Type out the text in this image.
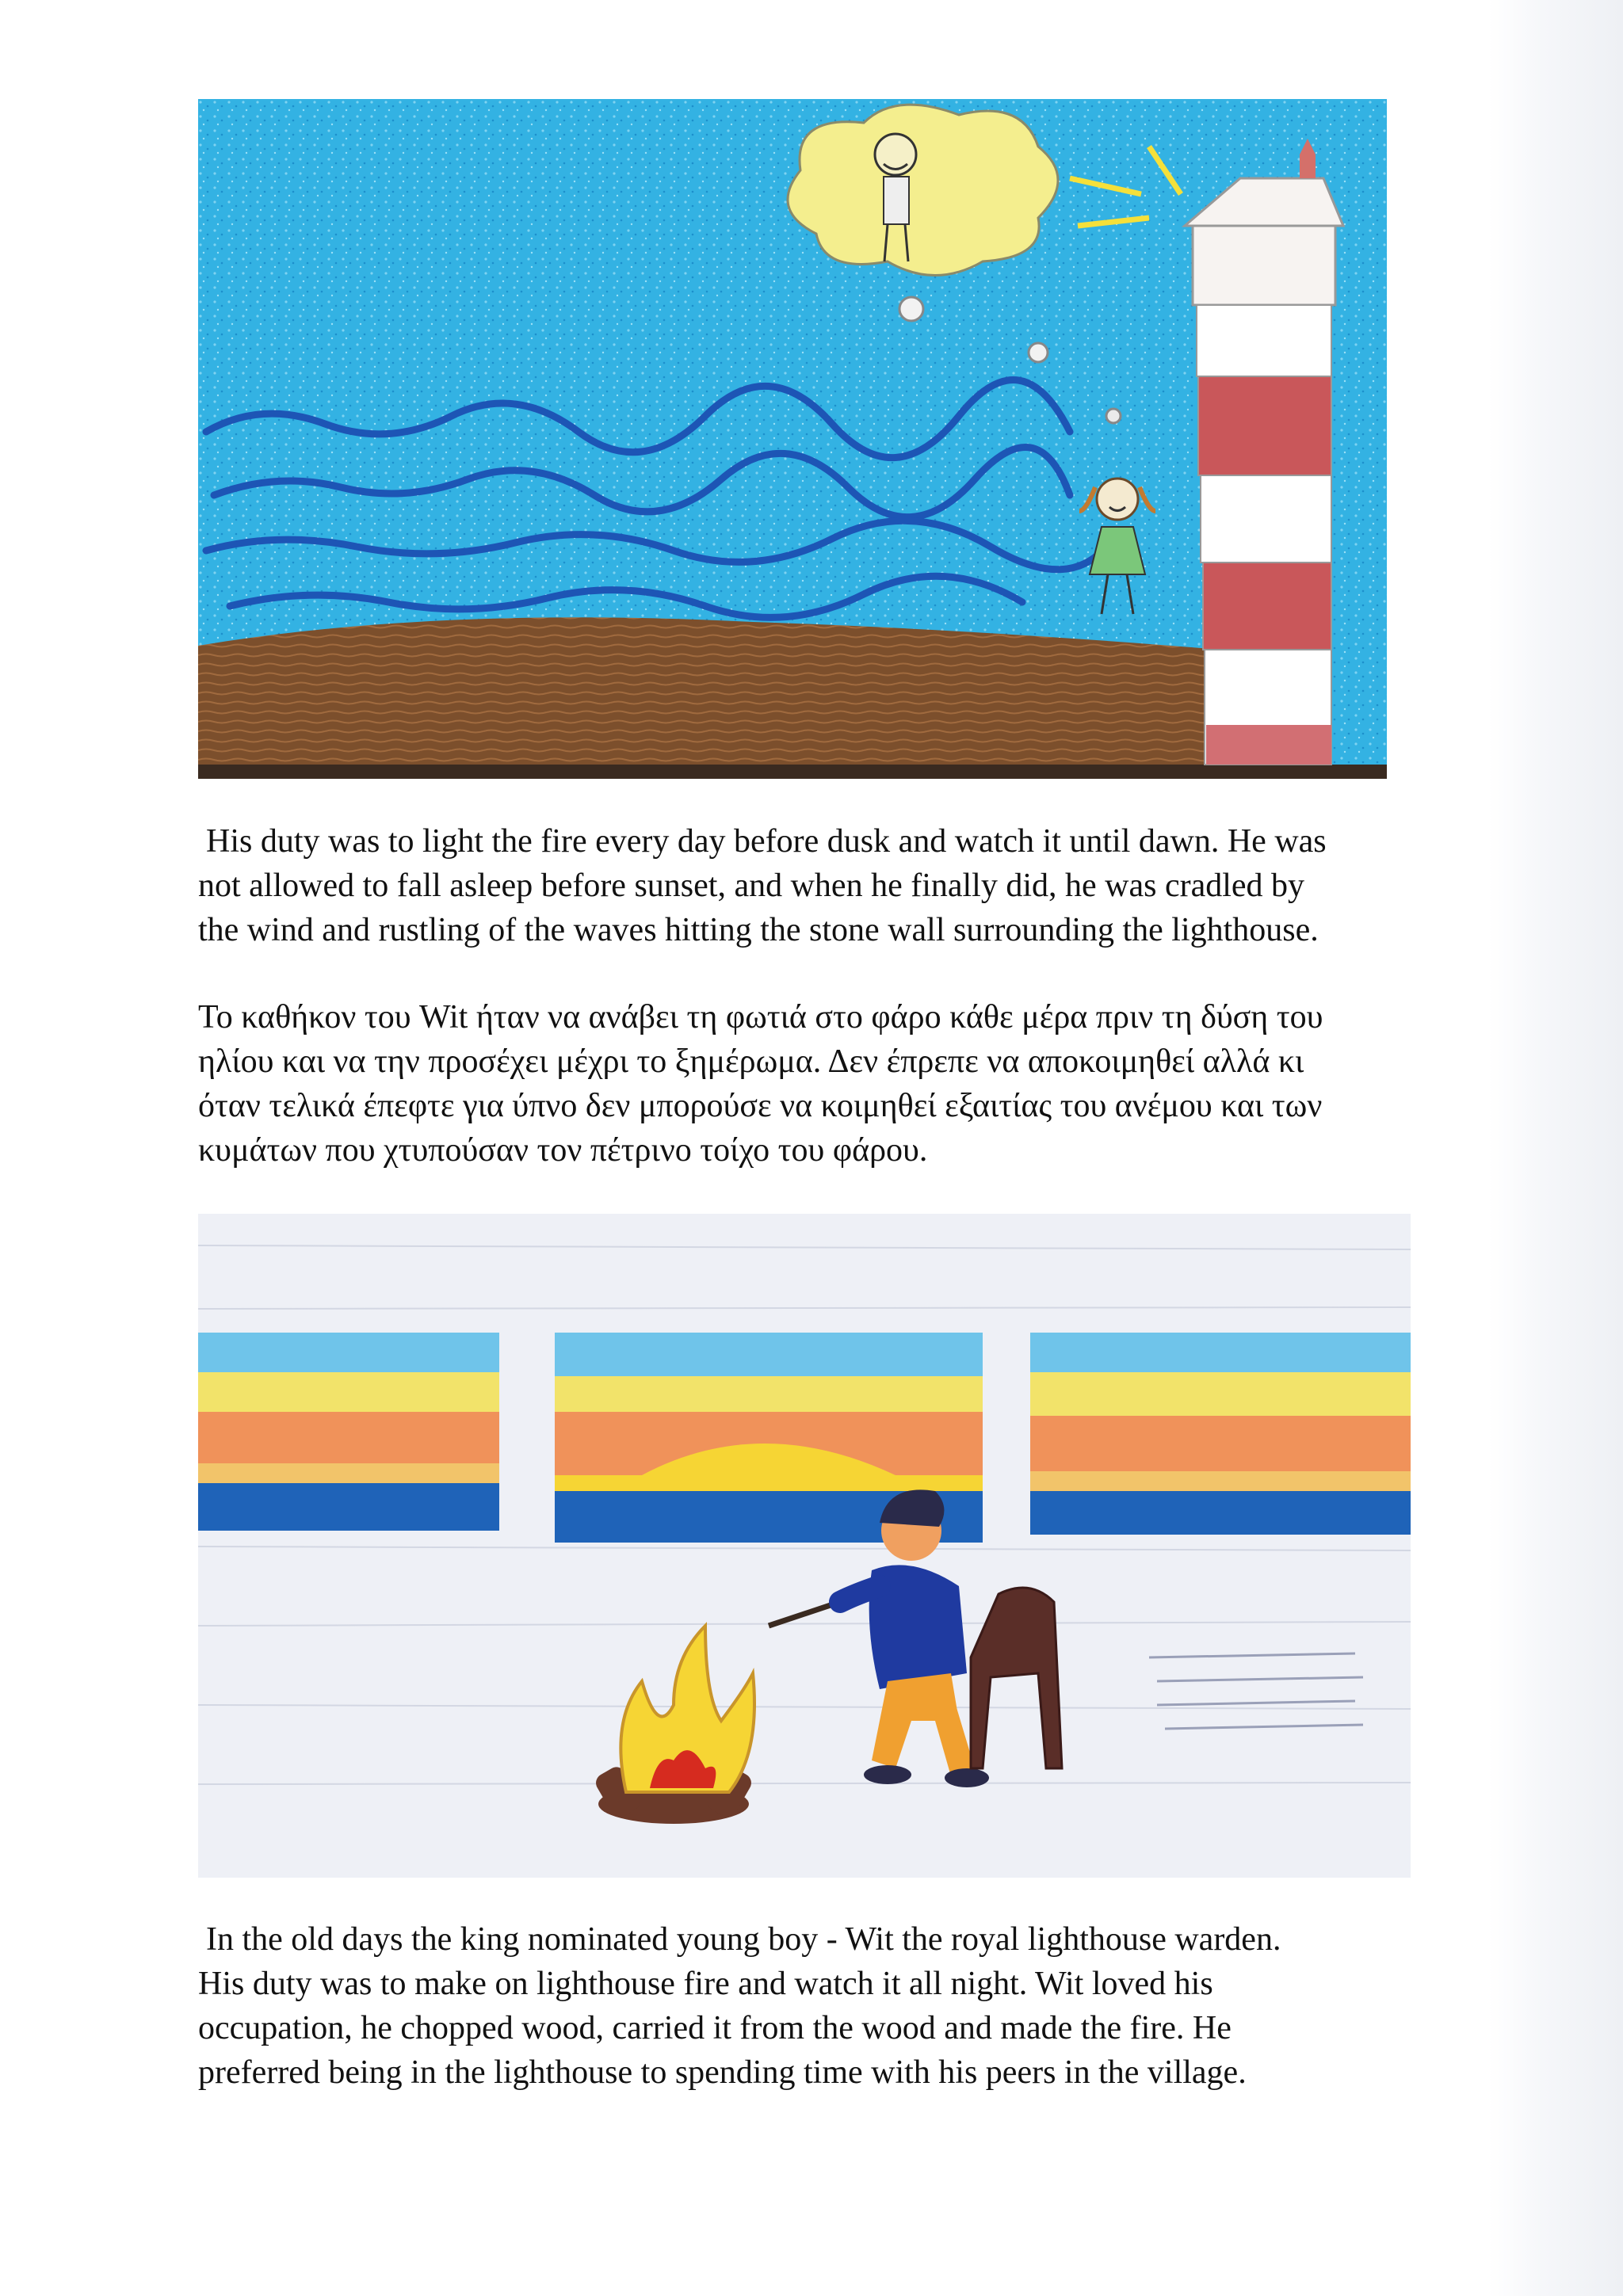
His duty was to light the fire every day before dusk and watch it until dawn. He was
not allowed to fall asleep before sunset, and when he finally did, he was cradled by
the wind and rustling of the waves hitting the stone wall surrounding the lighthouse.

Το καθήκον του Wit ήταν να ανάβει τη φωτιά στο φάρο κάθε μέρα πριν τη δύση του
ηλίου και να την προσέχει μέχρι το ξημέρωμα. Δεν έπρεπε να αποκοιμηθεί αλλά κι
όταν τελικά έπεφτε για ύπνο δεν μπορούσε να κοιμηθεί εξαιτίας του ανέμου και των
κυμάτων που χτυπούσαν τον πέτρινο τοίχο του φάρου.

In the old days the king nominated young boy - Wit the royal lighthouse warden.
His duty was to make on lighthouse fire and watch it all night. Wit loved his
occupation, he chopped wood, carried it from the wood and made the fire. He
preferred being in the lighthouse to spending time with his peers in the village.
